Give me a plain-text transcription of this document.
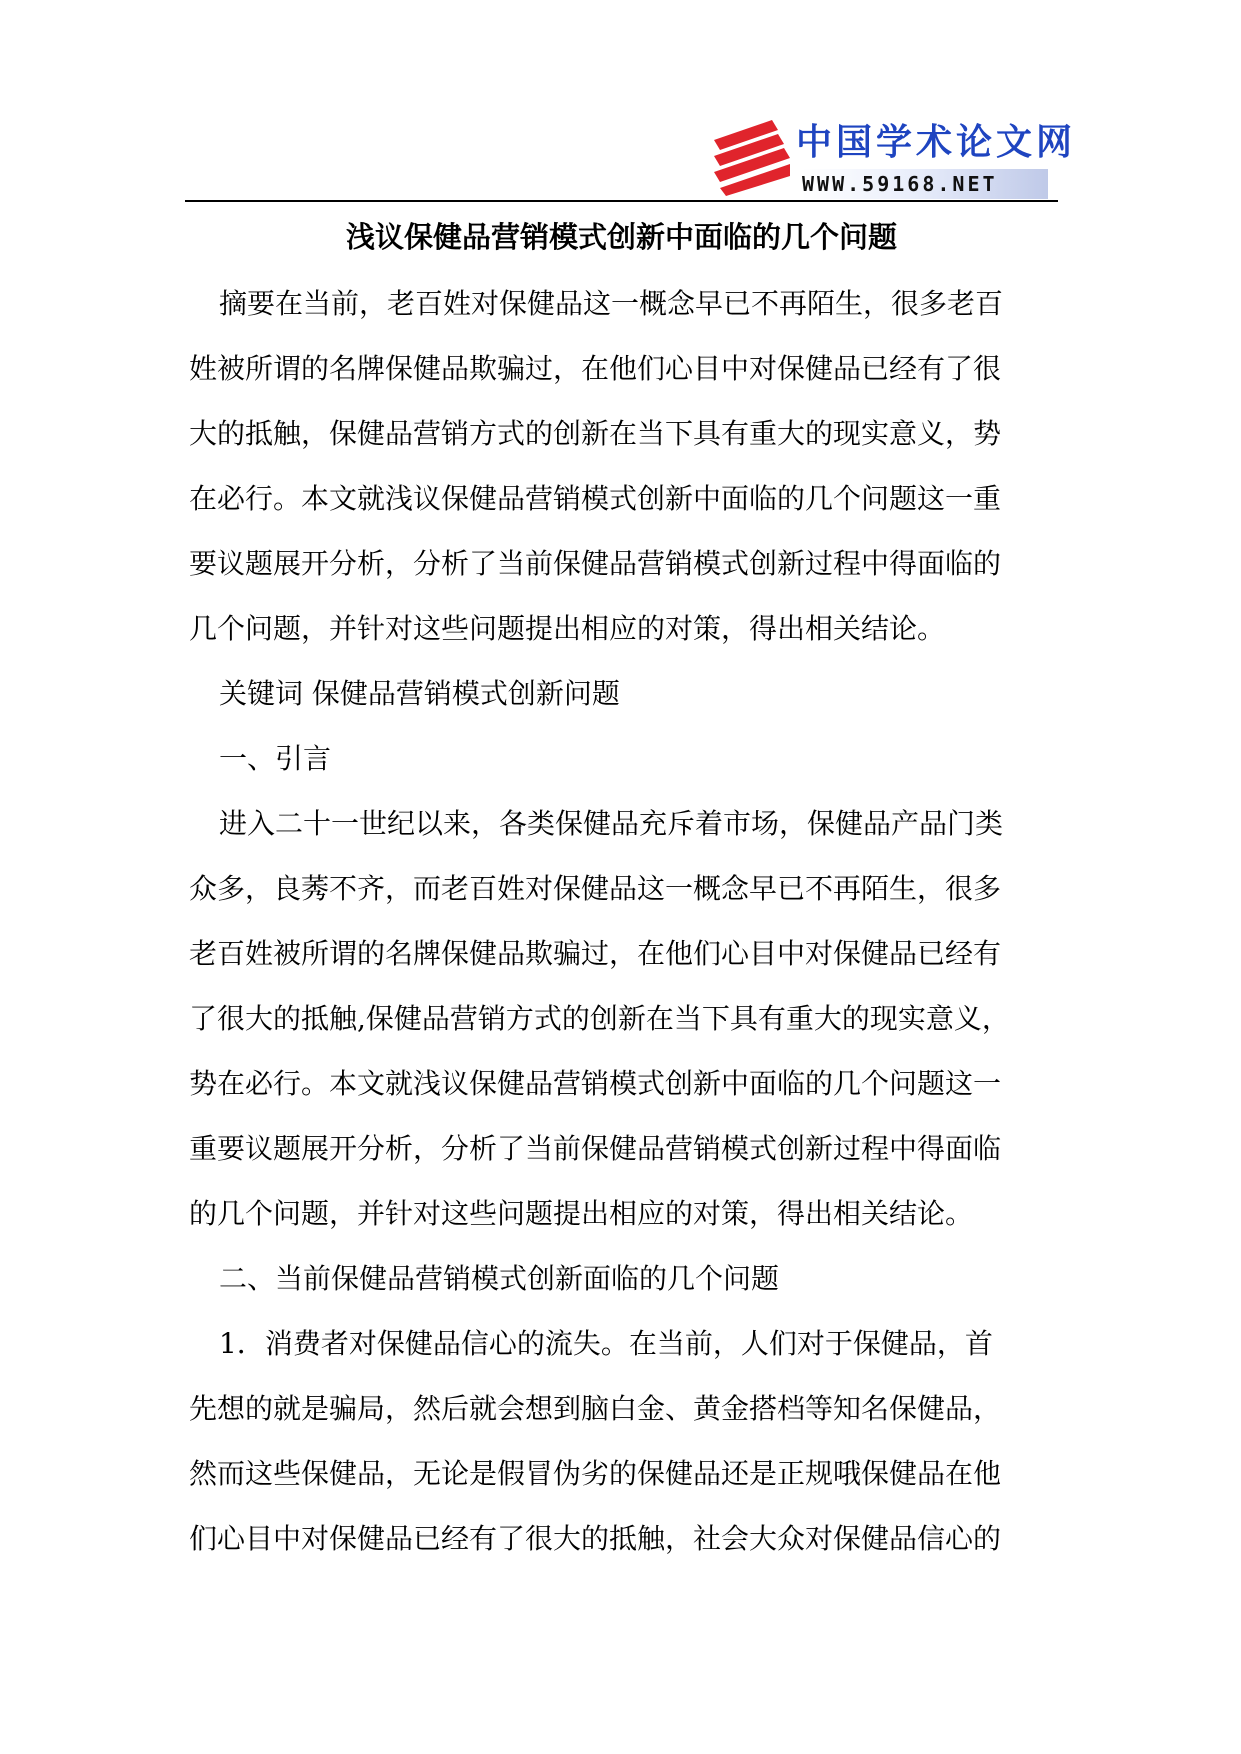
中国学术论文网
WWW.59168.NET
浅议保健品营销模式创新中面临的几个问题
摘要在当前，老百姓对保健品这一概念早已不再陌生，很多老百
姓被所谓的名牌保健品欺骗过，在他们心目中对保健品已经有了很
大的抵触，保健品营销方式的创新在当下具有重大的现实意义，势
在必行。本文就浅议保健品营销模式创新中面临的几个问题这一重
要议题展开分析，分析了当前保健品营销模式创新过程中得面临的
几个问题，并针对这些问题提出相应的对策，得出相关结论。
关键词 保健品营销模式创新问题
一、引言
进入二十一世纪以来，各类保健品充斥着市场，保健品产品门类
众多，良莠不齐，而老百姓对保健品这一概念早已不再陌生，很多
老百姓被所谓的名牌保健品欺骗过，在他们心目中对保健品已经有
了很大的抵触,保健品营销方式的创新在当下具有重大的现实意义，
势在必行。本文就浅议保健品营销模式创新中面临的几个问题这一
重要议题展开分析，分析了当前保健品营销模式创新过程中得面临
的几个问题，并针对这些问题提出相应的对策，得出相关结论。
二、当前保健品营销模式创新面临的几个问题
1．消费者对保健品信心的流失。在当前，人们对于保健品，首
先想的就是骗局，然后就会想到脑白金、黄金搭档等知名保健品，
然而这些保健品，无论是假冒伪劣的保健品还是正规哦保健品在他
们心目中对保健品已经有了很大的抵触，社会大众对保健品信心的
